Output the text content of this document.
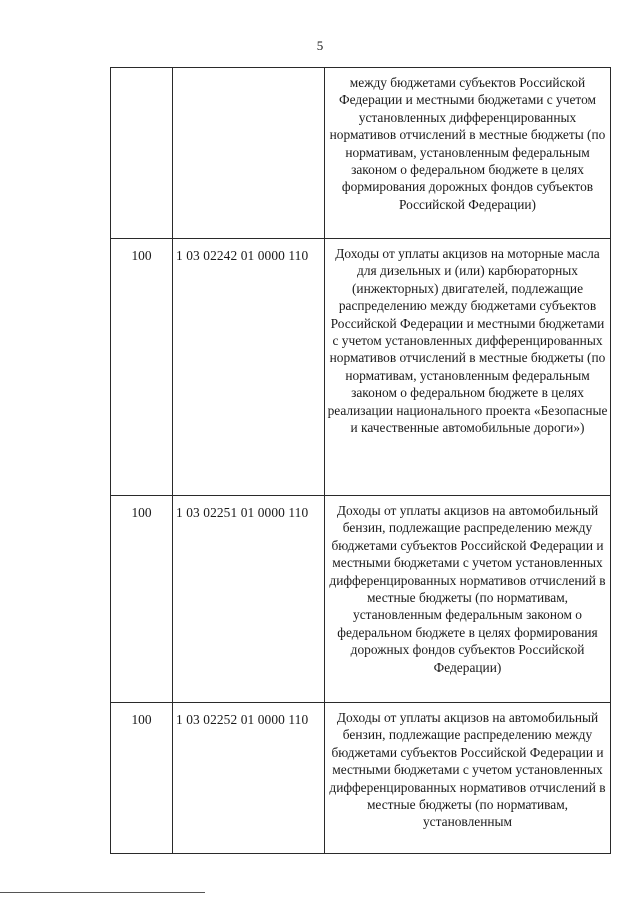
5

		между бюджетами субъектов Российской Федерации и местными бюджетами с учетом установленных дифференцированных нормативов отчислений в местные бюджеты (по нормативам, установленным федеральным законом о федеральном бюджете в целях формирования дорожных фондов субъектов Российской Федерации)

100	1 03 02242 01 0000 110	Доходы от уплаты акцизов на моторные масла для дизельных и (или) карбюраторных (инжекторных) двигателей, подлежащие распределению между бюджетами субъектов Российской Федерации и местными бюджетами с учетом установленных дифференцированных нормативов отчислений в местные бюджеты (по нормативам, установленным федеральным законом о федеральном бюджете в целях реализации национального проекта «Безопасные и качественные автомобильные дороги»)

100	1 03 02251 01 0000 110	Доходы от уплаты акцизов на автомобильный бензин, подлежащие распределению между бюджетами субъектов Российской Федерации и местными бюджетами с учетом установленных дифференцированных нормативов отчислений в местные бюджеты (по нормативам, установленным федеральным законом о федеральном бюджете в целях формирования дорожных фондов субъектов Российской Федерации)

100	1 03 02252 01 0000 110	Доходы от уплаты акцизов на автомобильный бензин, подлежащие распределению между бюджетами субъектов Российской Федерации и местными бюджетами с учетом установленных дифференцированных нормативов отчислений в местные бюджеты (по нормативам, установленным
